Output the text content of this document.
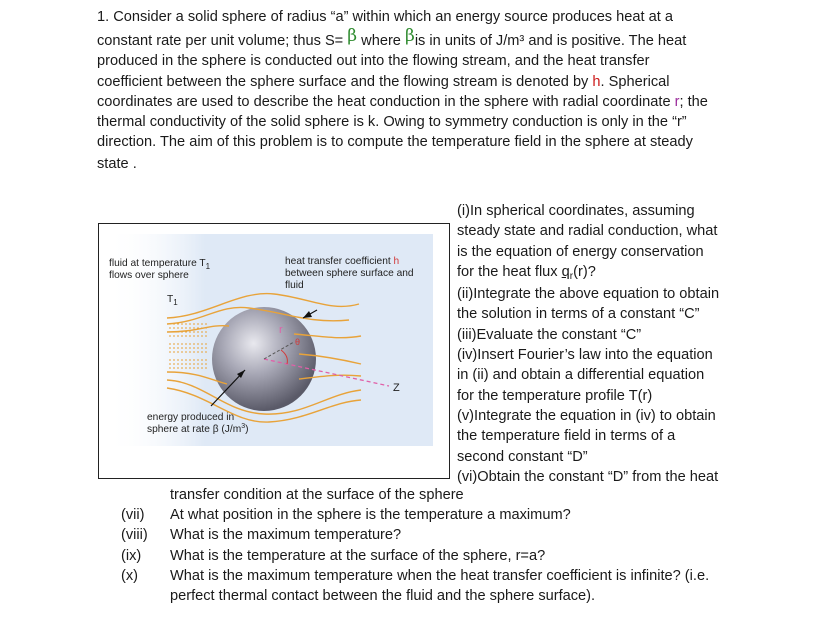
1. Consider a solid sphere of radius “a” within which an energy source produces heat at a
constant rate per unit volume; thus S= β where βis in units of J/m³ and is positive. The heat
produced in the sphere is conducted out into the flowing stream, and the heat transfer
coefficient between the sphere surface and the flowing stream is denoted by h. Spherical
coordinates are used to describe the heat conduction in the sphere with radial coordinate r; the
thermal conductivity of the solid sphere is k. Owing to symmetry conduction is only in the “r”
direction. The aim of this problem is to compute the temperature field in the sphere at steady
state .
fluid at temperature $T_1$
flows over sphere
$T_1$
heat transfer coefficient h
between sphere surface and
fluid
r
θ
Z
energy produced in
sphere at rate β $(J/m^3)$
(i)In spherical coordinates, assuming
steady state and radial conduction, what
is the equation of energy conservation
for the heat flux $q_r(r)$?
(ii)Integrate the above equation to obtain
the solution in terms of a constant “C”
(iii)Evaluate the constant “C”
(iv)Insert Fourier’s law into the equation
in (ii) and obtain a differential equation
for the temperature profile T(r)
(v)Integrate the equation in (iv) to obtain
the temperature field in terms of a
second constant “D”
(vi)Obtain the constant “D” from the heat
transfer condition at the surface of the sphere
(vii) At what position in the sphere is the temperature a maximum?
(viii) What is the maximum temperature?
(ix) What is the temperature at the surface of the sphere, r=a?
(x) What is the maximum temperature when the heat transfer coefficient is infinite? (i.e.
perfect thermal contact between the fluid and the sphere surface).
